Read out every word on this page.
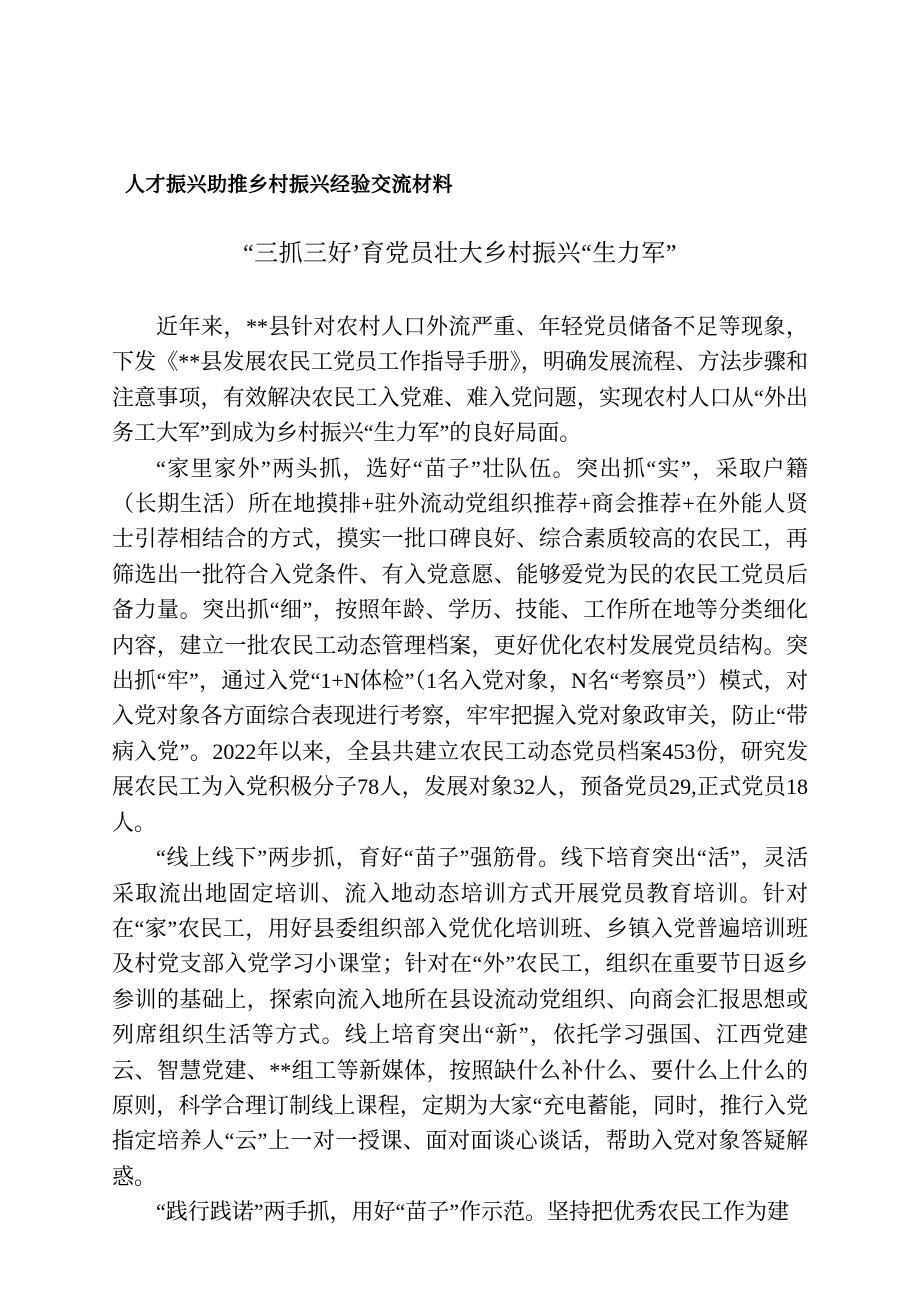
人才振兴助推乡村振兴经验交流材料
“三抓三好’育党员壮大乡村振兴“生力军”

近年来，**县针对农村人口外流严重、年轻党员储备不足等现象，下发《**县发展农民工党员工作指导手册》，明确发展流程、方法步骤和注意事项，有效解决农民工入党难、难入党问题，实现农村人口从“外出务工大军”到成为乡村振兴“生力军”的良好局面。

“家里家外”两头抓，选好“苗子”壮队伍。突出抓“实”，采取户籍（长期生活）所在地摸排+驻外流动党组织推荐+商会推荐+在外能人贤士引荐相结合的方式，摸实一批口碑良好、综合素质较高的农民工，再筛选出一批符合入党条件、有入党意愿、能够爱党为民的农民工党员后备力量。突出抓“细”，按照年龄、学历、技能、工作所在地等分类细化内容，建立一批农民工动态管理档案，更好优化农村发展党员结构。突出抓“牢”，通过入党“1+N体检”（1名入党对象，N名“考察员”）模式，对入党对象各方面综合表现进行考察，牢牢把握入党对象政审关，防止“带病入党”。2022年以来，全县共建立农民工动态党员档案453份，研究发展农民工为入党积极分子78人，发展对象32人，预备党员29,正式党员18人。

“线上线下”两步抓，育好“苗子”强筋骨。线下培育突出“活”，灵活采取流出地固定培训、流入地动态培训方式开展党员教育培训。针对在“家”农民工，用好县委组织部入党优化培训班、乡镇入党普遍培训班及村党支部入党学习小课堂；针对在“外”农民工，组织在重要节日返乡参训的基础上，探索向流入地所在县设流动党组织、向商会汇报思想或列席组织生活等方式。线上培育突出“新”，依托学习强国、江西党建云、智慧党建、**组工等新媒体，按照缺什么补什么、要什么上什么的原则，科学合理订制线上课程，定期为大家“充电蓄能，同时，推行入党指定培养人“云”上一对一授课、面对面谈心谈话，帮助入党对象答疑解惑。

“践行践诺”两手抓，用好“苗子”作示范。坚持把优秀农民工作为建
